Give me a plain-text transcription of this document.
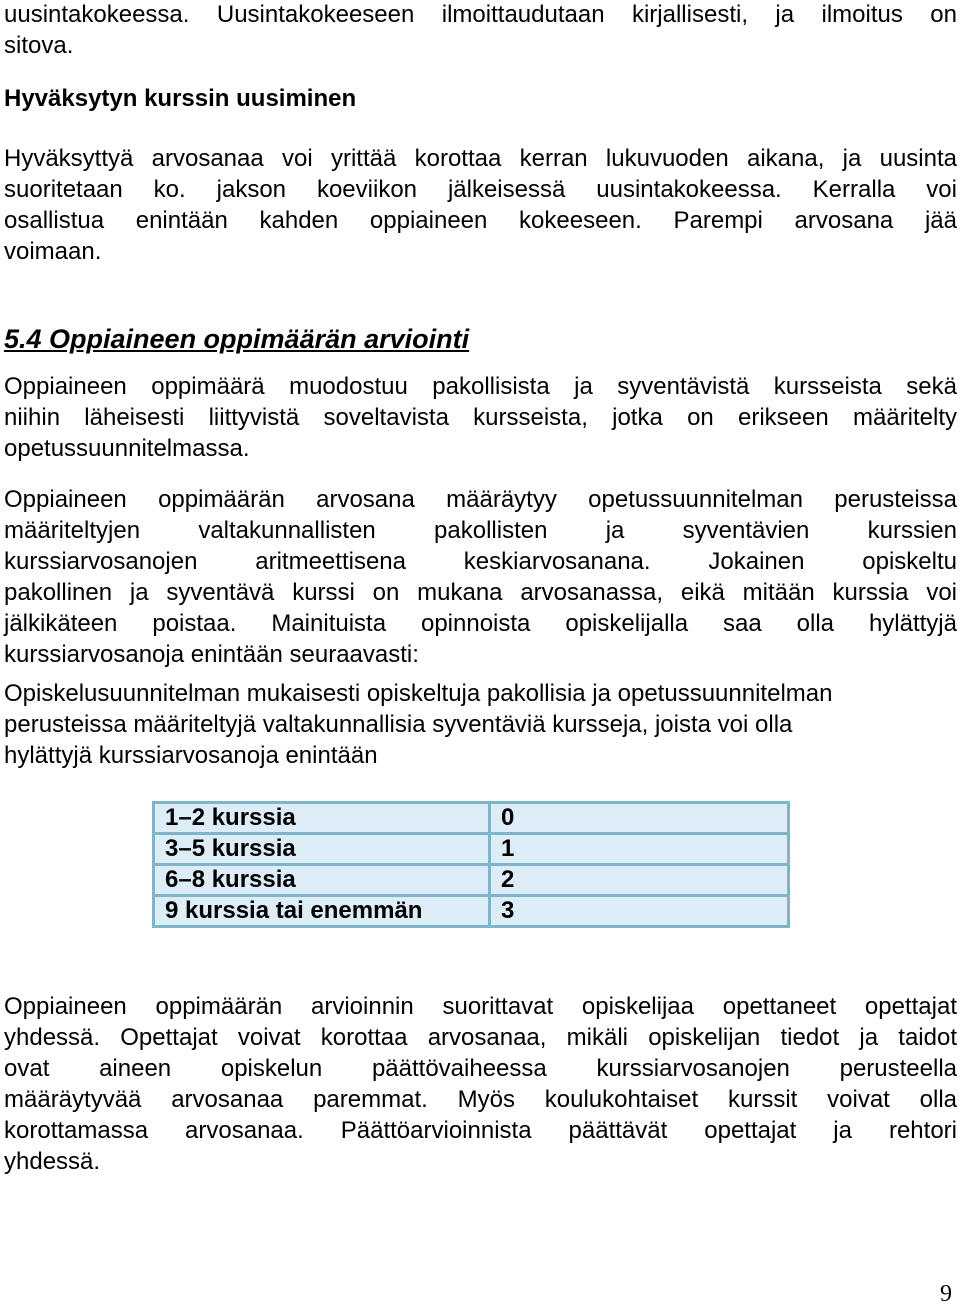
uusintakokeessa. Uusintakokeeseen ilmoittaudutaan kirjallisesti, ja ilmoitus on

sitova.

Hyväksytyn kurssin uusiminen

Hyväksyttyä arvosanaa voi yrittää korottaa kerran lukuvuoden aikana, ja uusinta

suoritetaan ko. jakson koeviikon jälkeisessä uusintakokeessa. Kerralla voi

osallistua enintään kahden oppiaineen kokeeseen. Parempi arvosana jää

voimaan.

5.4 Oppiaineen oppimäärän arviointi

Oppiaineen oppimäärä muodostuu pakollisista ja syventävistä kursseista sekä

niihin läheisesti liittyvistä soveltavista kursseista, jotka on erikseen määritelty

opetussuunnitelmassa.

Oppiaineen oppimäärän arvosana määräytyy opetussuunnitelman perusteissa

määriteltyjen valtakunnallisten pakollisten ja syventävien kurssien

kurssiarvosanojen aritmeettisena keskiarvosanana. Jokainen opiskeltu

pakollinen ja syventävä kurssi on mukana arvosanassa, eikä mitään kurssia voi

jälkikäteen poistaa. Mainituista opinnoista opiskelijalla saa olla hylättyjä

kurssiarvosanoja enintään seuraavasti:

Opiskelusuunnitelman mukaisesti opiskeltuja pakollisia ja opetussuunnitelman

perusteissa määriteltyjä valtakunnallisia syventäviä kursseja, joista voi olla

hylättyjä kurssiarvosanoja enintään

Oppiaineen oppimäärän arvioinnin suorittavat opiskelijaa opettaneet opettajat

yhdessä. Opettajat voivat korottaa arvosanaa, mikäli opiskelijan tiedot ja taidot

ovat aineen opiskelun päättövaiheessa kurssiarvosanojen perusteella

määräytyvää arvosanaa paremmat. Myös koulukohtaiset kurssit voivat olla

korottamassa arvosanaa. Päättöarvioinnista päättävät opettajat ja rehtori

yhdessä.

1–2 kurssia	0
3–5 kurssia	1
6–8 kurssia	2
9 kurssia tai enemmän	3
9
